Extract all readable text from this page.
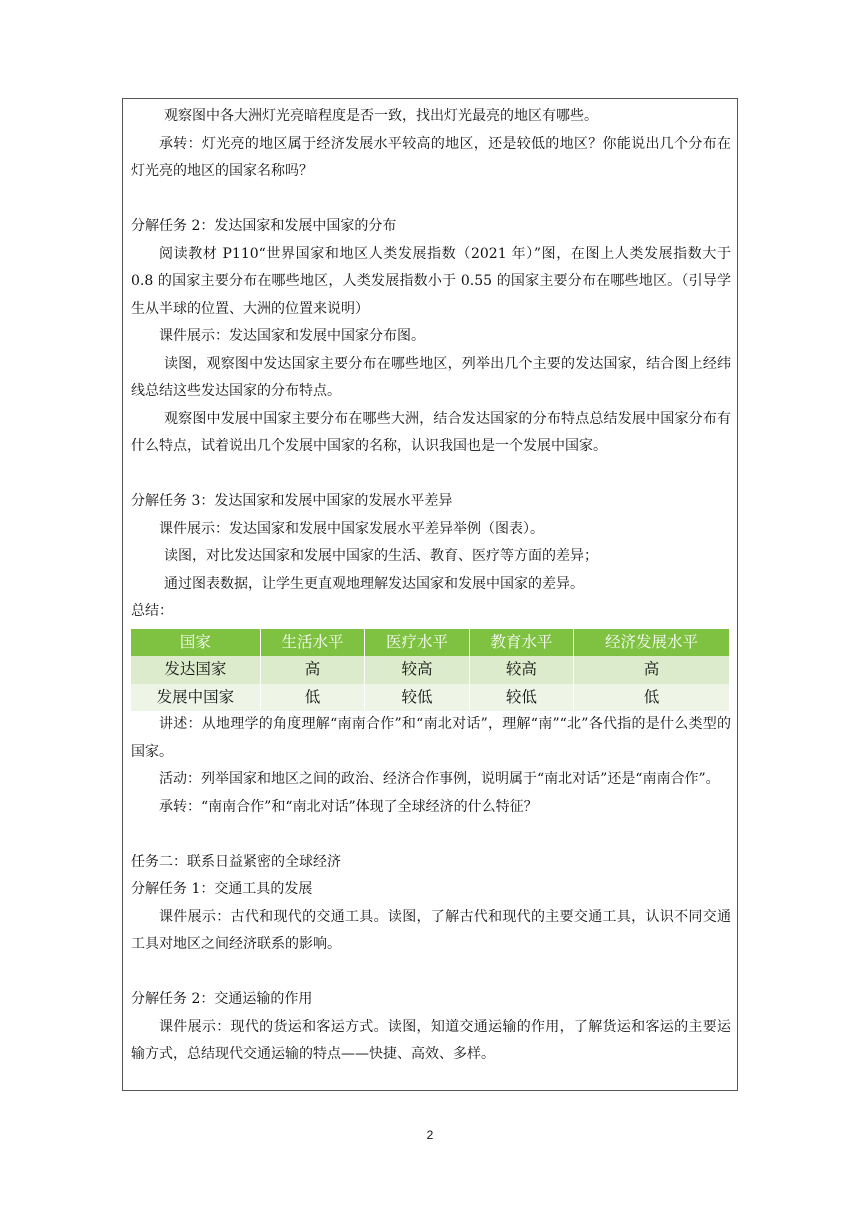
观察图中各大洲灯光亮暗程度是否一致，找出灯光最亮的地区有哪些。

承转：灯光亮的地区属于经济发展水平较高的地区，还是较低的地区？你能说出几个分布在灯光亮的地区的国家名称吗？

分解任务 2：发达国家和发展中国家的分布

阅读教材 P110“世界国家和地区人类发展指数（2021 年）”图，在图上人类发展指数大于 0.8 的国家主要分布在哪些地区，人类发展指数小于 0.55 的国家主要分布在哪些地区。（引导学生从半球的位置、大洲的位置来说明）

课件展示：发达国家和发展中国家分布图。

读图，观察图中发达国家主要分布在哪些地区，列举出几个主要的发达国家，结合图上经纬线总结这些发达国家的分布特点。

观察图中发展中国家主要分布在哪些大洲，结合发达国家的分布特点总结发展中国家分布有什么特点，试着说出几个发展中国家的名称，认识我国也是一个发展中国家。

分解任务 3：发达国家和发展中国家的发展水平差异

课件展示：发达国家和发展中国家发展水平差异举例（图表）。

读图，对比发达国家和发展中国家的生活、教育、医疗等方面的差异；

通过图表数据，让学生更直观地理解发达国家和发展中国家的差异。

总结：

国家	生活水平	医疗水平	教育水平	经济发展水平
发达国家	高	较高	较高	高
发展中国家	低	较低	较低	低

讲述：从地理学的角度理解“南南合作”和“南北对话”，理解“南”“北”各代指的是什么类型的国家。

活动：列举国家和地区之间的政治、经济合作事例，说明属于“南北对话”还是“南南合作”。

承转：“南南合作”和“南北对话”体现了全球经济的什么特征？

任务二：联系日益紧密的全球经济

分解任务 1：交通工具的发展

课件展示：古代和现代的交通工具。读图，了解古代和现代的主要交通工具，认识不同交通工具对地区之间经济联系的影响。

分解任务 2：交通运输的作用

课件展示：现代的货运和客运方式。读图，知道交通运输的作用，了解货运和客运的主要运输方式，总结现代交通运输的特点——快捷、高效、多样。

2
